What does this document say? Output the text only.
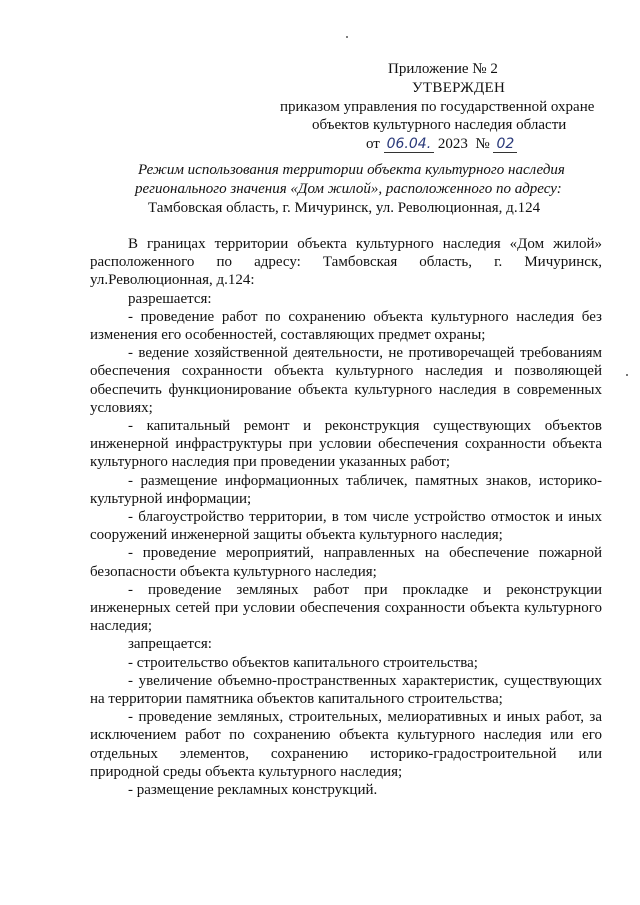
Приложение № 2
УТВЕРЖДЕН
приказом управления по государственной охране
объектов культурного наследия области
от 06.04. 2023 № 02
Режим использования территории объекта культурного наследия
регионального значения «Дом жилой», расположенного по адресу:
Тамбовская область, г. Мичуринск, ул. Революционная, д.124

В границах территории объекта культурного наследия «Дом жилой» расположенного по адресу: Тамбовская область, г. Мичуринск, ул.Революционная, д.124:

разрешается:

- проведение работ по сохранению объекта культурного наследия без изменения его особенностей, составляющих предмет охраны;

- ведение хозяйственной деятельности, не противоречащей требованиям обеспечения сохранности объекта культурного наследия и позволяющей обеспечить функционирование объекта культурного наследия в современных условиях;

- капитальный ремонт и реконструкция существующих объектов инженерной инфраструктуры при условии обеспечения сохранности объекта культурного наследия при проведении указанных работ;

- размещение информационных табличек, памятных знаков, историко-культурной информации;

- благоустройство территории, в том числе устройство отмосток и иных сооружений инженерной защиты объекта культурного наследия;

- проведение мероприятий, направленных на обеспечение пожарной безопасности объекта культурного наследия;

- проведение земляных работ при прокладке и реконструкции инженерных сетей при условии обеспечения сохранности объекта культурного наследия;

запрещается:

- строительство объектов капитального строительства;

- увеличение объемно-пространственных характеристик, существующих на территории памятника объектов капитального строительства;

- проведение земляных, строительных, мелиоративных и иных работ, за исключением работ по сохранению объекта культурного наследия или его отдельных элементов, сохранению историко-градостроительной или природной среды объекта культурного наследия;

- размещение рекламных конструкций.
